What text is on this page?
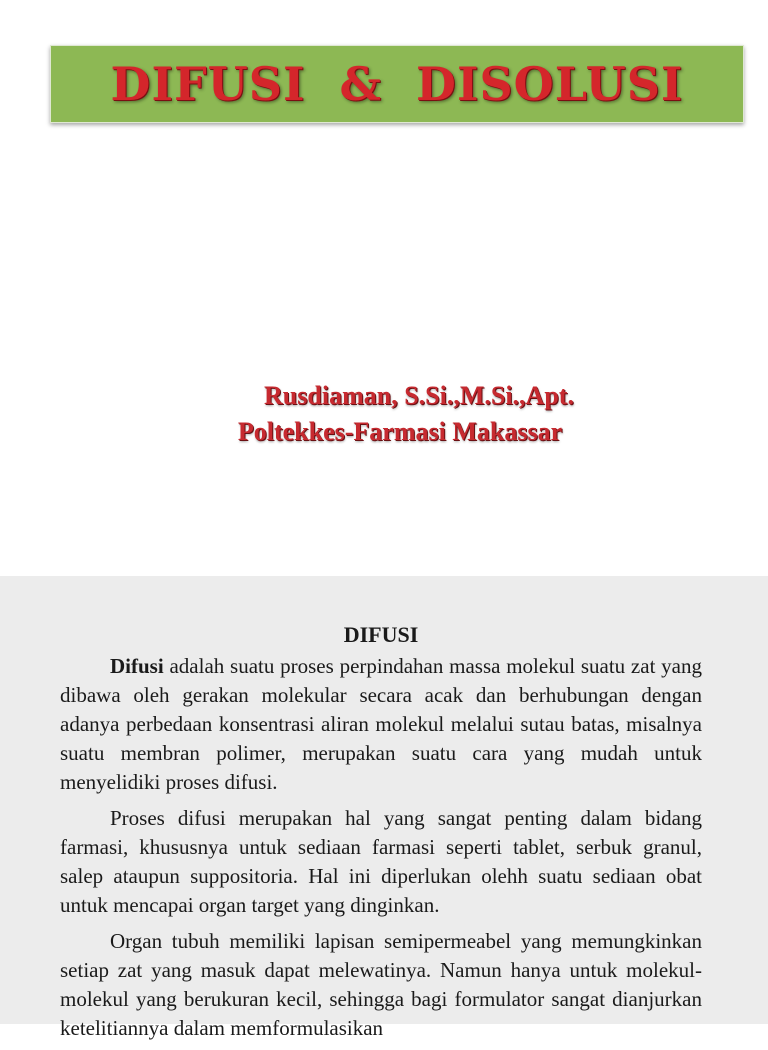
DIFUSI  &  DISOLUSI
Rusdiaman, S.Si.,M.Si.,Apt.
Poltekkes-Farmasi Makassar
DIFUSI

Difusi adalah suatu proses perpindahan massa molekul suatu zat yang dibawa oleh gerakan molekular secara acak dan berhubungan dengan adanya perbedaan konsentrasi aliran molekul melalui sutau batas, misalnya suatu membran polimer, merupakan suatu cara yang mudah untuk menyelidiki proses difusi.

Proses difusi merupakan hal yang sangat penting dalam bidang farmasi, khususnya untuk sediaan farmasi seperti tablet, serbuk granul, salep ataupun suppositoria. Hal ini diperlukan olehh suatu sediaan obat untuk mencapai organ target yang dinginkan.

Organ tubuh memiliki lapisan semipermeabel yang memungkinkan setiap zat yang masuk dapat melewatinya. Namun hanya untuk molekul-molekul yang berukuran kecil, sehingga bagi formulator sangat dianjurkan ketelitiannya dalam memformulasikan
